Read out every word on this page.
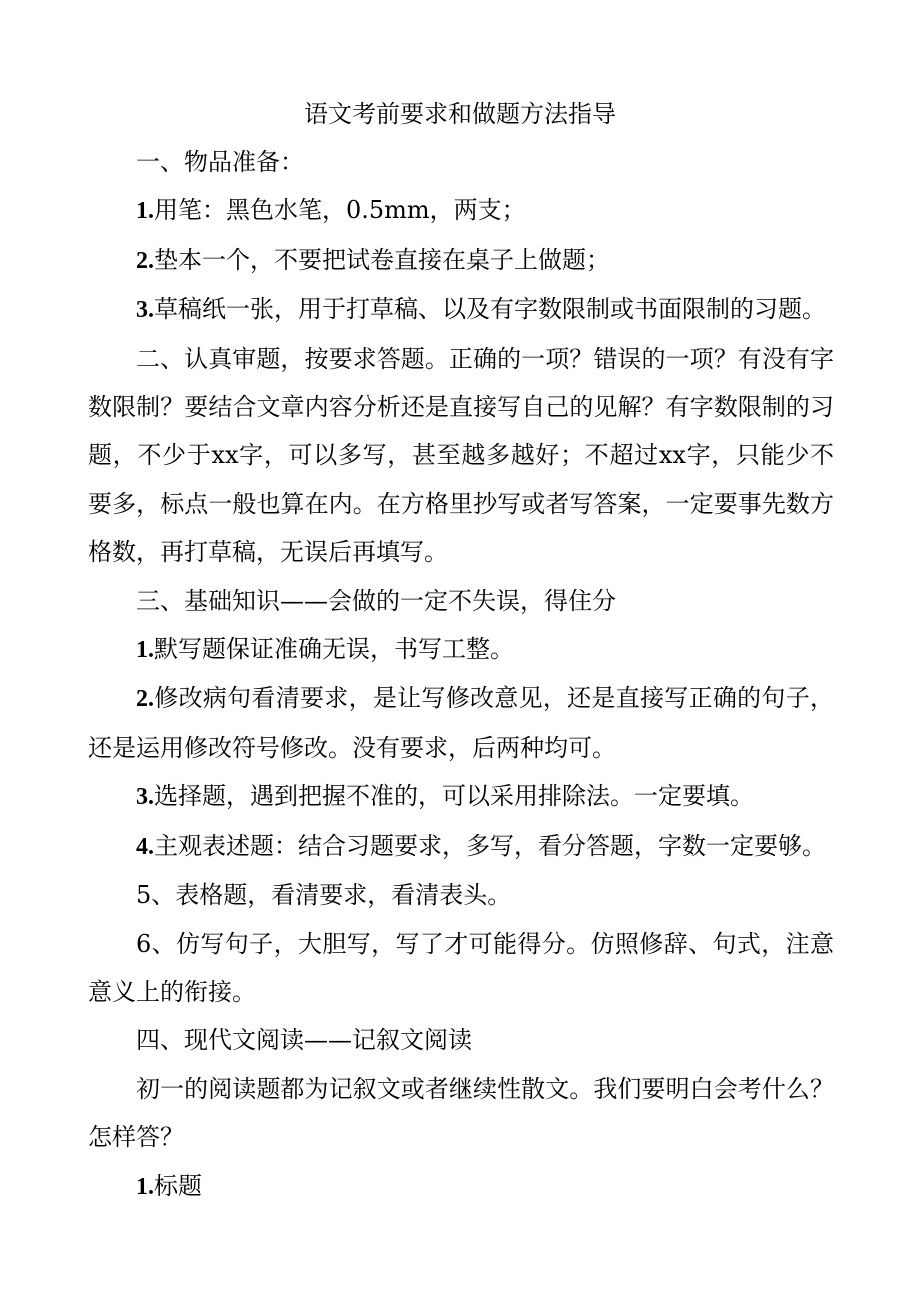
语文考前要求和做题方法指导

一、物品准备：

1.用笔：黑色水笔，0.5mm，两支；

2.垫本一个，不要把试卷直接在桌子上做题；

3.草稿纸一张，用于打草稿、以及有字数限制或书面限制的习题。

二、认真审题，按要求答题。正确的一项？错误的一项？有没有字数限制？要结合文章内容分析还是直接写自己的见解？有字数限制的习题，不少于xx字，可以多写，甚至越多越好；不超过xx字，只能少不要多，标点一般也算在内。在方格里抄写或者写答案，一定要事先数方格数，再打草稿，无误后再填写。

三、基础知识——会做的一定不失误，得住分

1.默写题保证准确无误，书写工整。

2.修改病句看清要求，是让写修改意见，还是直接写正确的句子，还是运用修改符号修改。没有要求，后两种均可。

3.选择题，遇到把握不准的，可以采用排除法。一定要填。

4.主观表述题：结合习题要求，多写，看分答题，字数一定要够。

5、表格题，看清要求，看清表头。

6、仿写句子，大胆写，写了才可能得分。仿照修辞、句式，注意意义上的衔接。

四、现代文阅读——记叙文阅读

初一的阅读题都为记叙文或者继续性散文。我们要明白会考什么？怎样答？

1.标题
